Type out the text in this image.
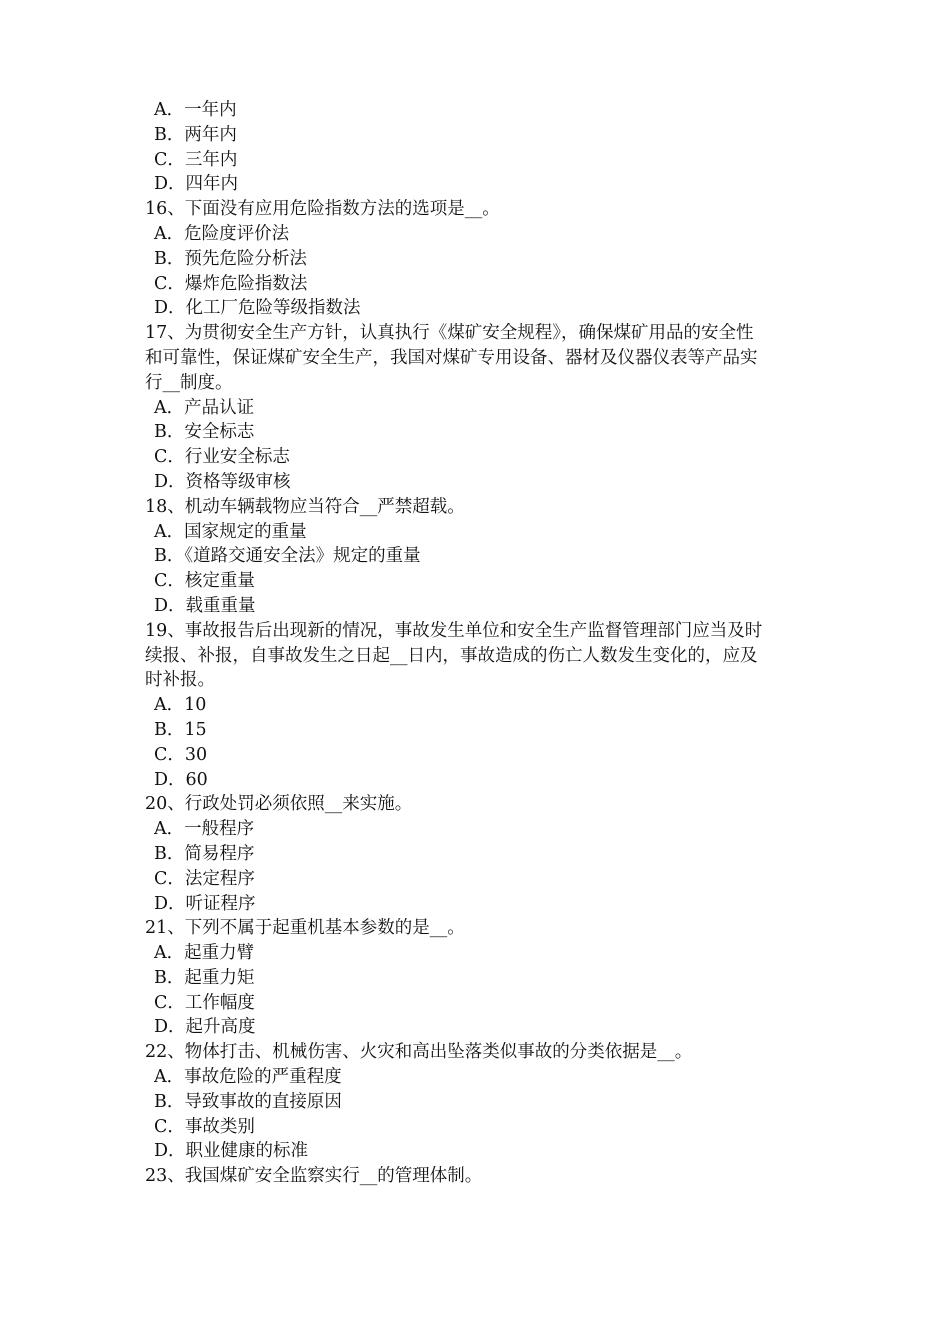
A．一年内
B．两年内
C．三年内
D．四年内
16、下面没有应用危险指数方法的选项是__。
A．危险度评价法
B．预先危险分析法
C．爆炸危险指数法
D．化工厂危险等级指数法
17、为贯彻安全生产方针，认真执行《煤矿安全规程》，确保煤矿用品的安全性
和可靠性，保证煤矿安全生产，我国对煤矿专用设备、器材及仪器仪表等产品实
行__制度。
A．产品认证
B．安全标志
C．行业安全标志
D．资格等级审核
18、机动车辆载物应当符合__严禁超载。
A．国家规定的重量
B．《道路交通安全法》规定的重量
C．核定重量
D．载重重量
19、事故报告后出现新的情况，事故发生单位和安全生产监督管理部门应当及时
续报、补报，自事故发生之日起__日内，事故造成的伤亡人数发生变化的，应及
时补报。
A．10
B．15
C．30
D．60
20、行政处罚必须依照__来实施。
A．一般程序
B．简易程序
C．法定程序
D．听证程序
21、下列不属于起重机基本参数的是__。
A．起重力臂
B．起重力矩
C．工作幅度
D．起升高度
22、物体打击、机械伤害、火灾和高出坠落类似事故的分类依据是__。
A．事故危险的严重程度
B．导致事故的直接原因
C．事故类别
D．职业健康的标准
23、我国煤矿安全监察实行__的管理体制。
